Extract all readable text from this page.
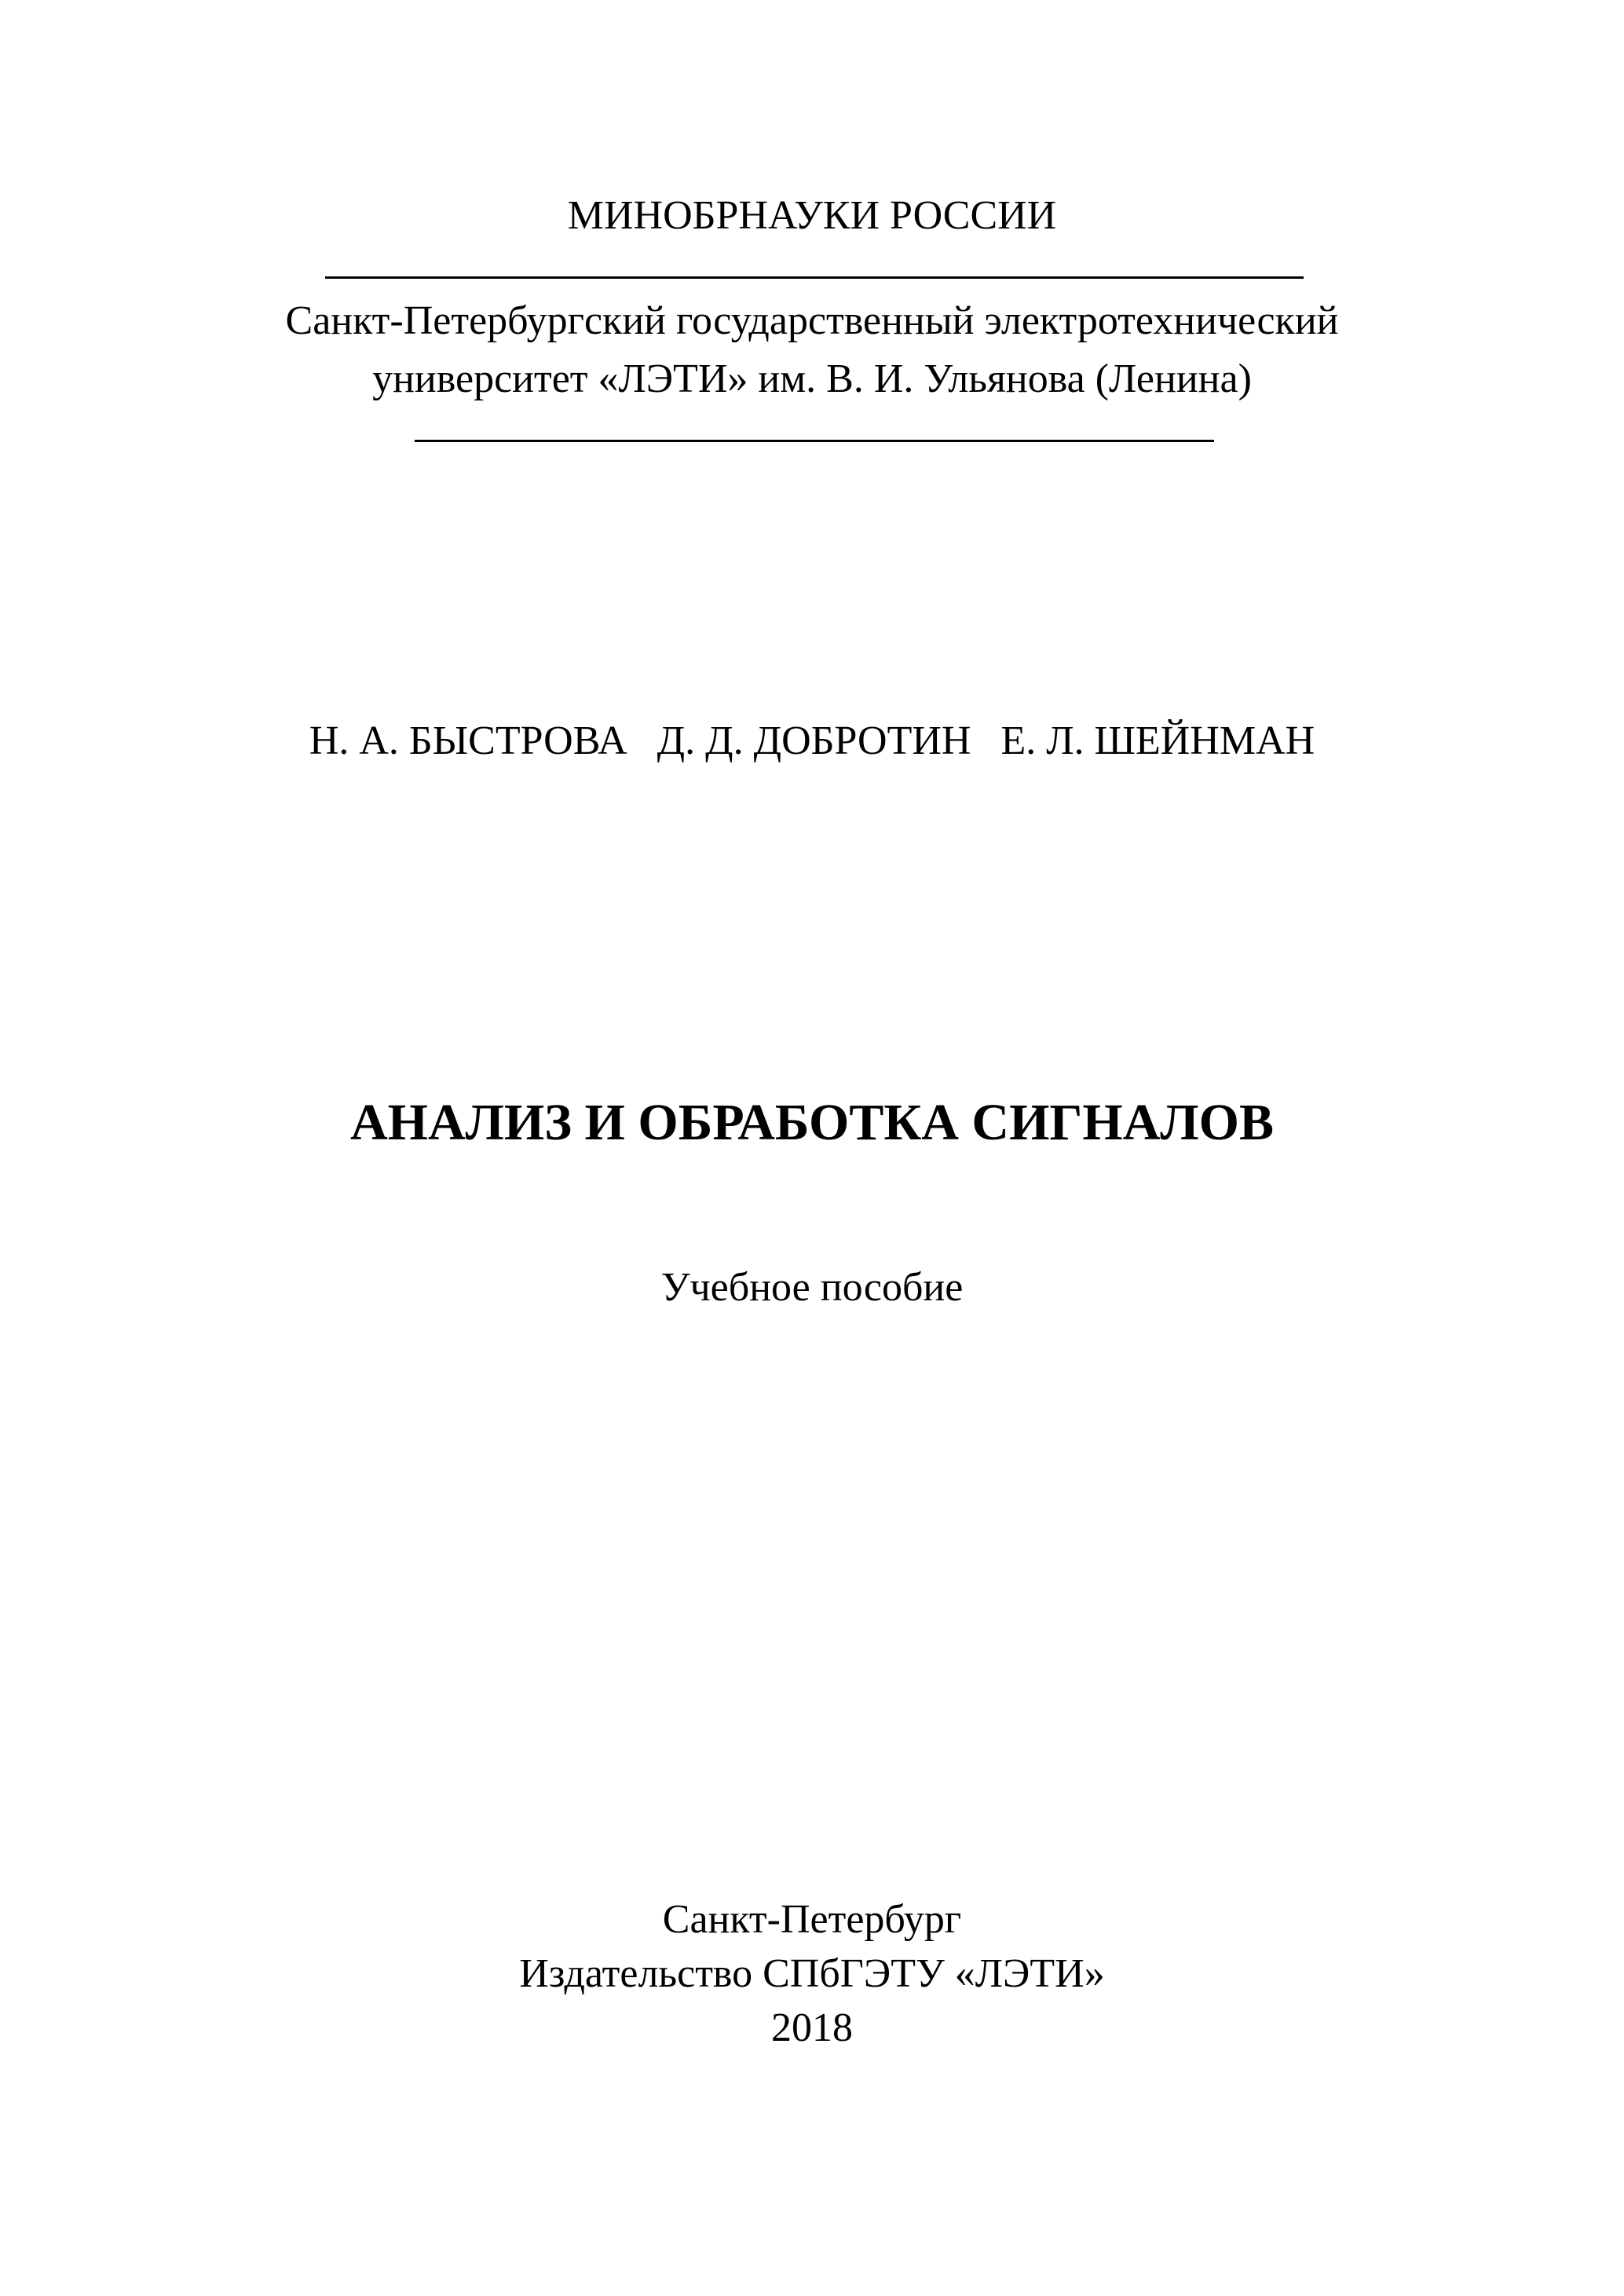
МИНОБРНАУКИ РОССИИ
Санкт-Петербургский государственный электротехнический
университет «ЛЭТИ» им. В. И. Ульянова (Ленина)
Н. А. БЫСТРОВА Д. Д. ДОБРОТИН Е. Л. ШЕЙНМАН
АНАЛИЗ И ОБРАБОТКА СИГНАЛОВ
Учебное пособие
Санкт-Петербург
Издательство СПбГЭТУ «ЛЭТИ»
2018
